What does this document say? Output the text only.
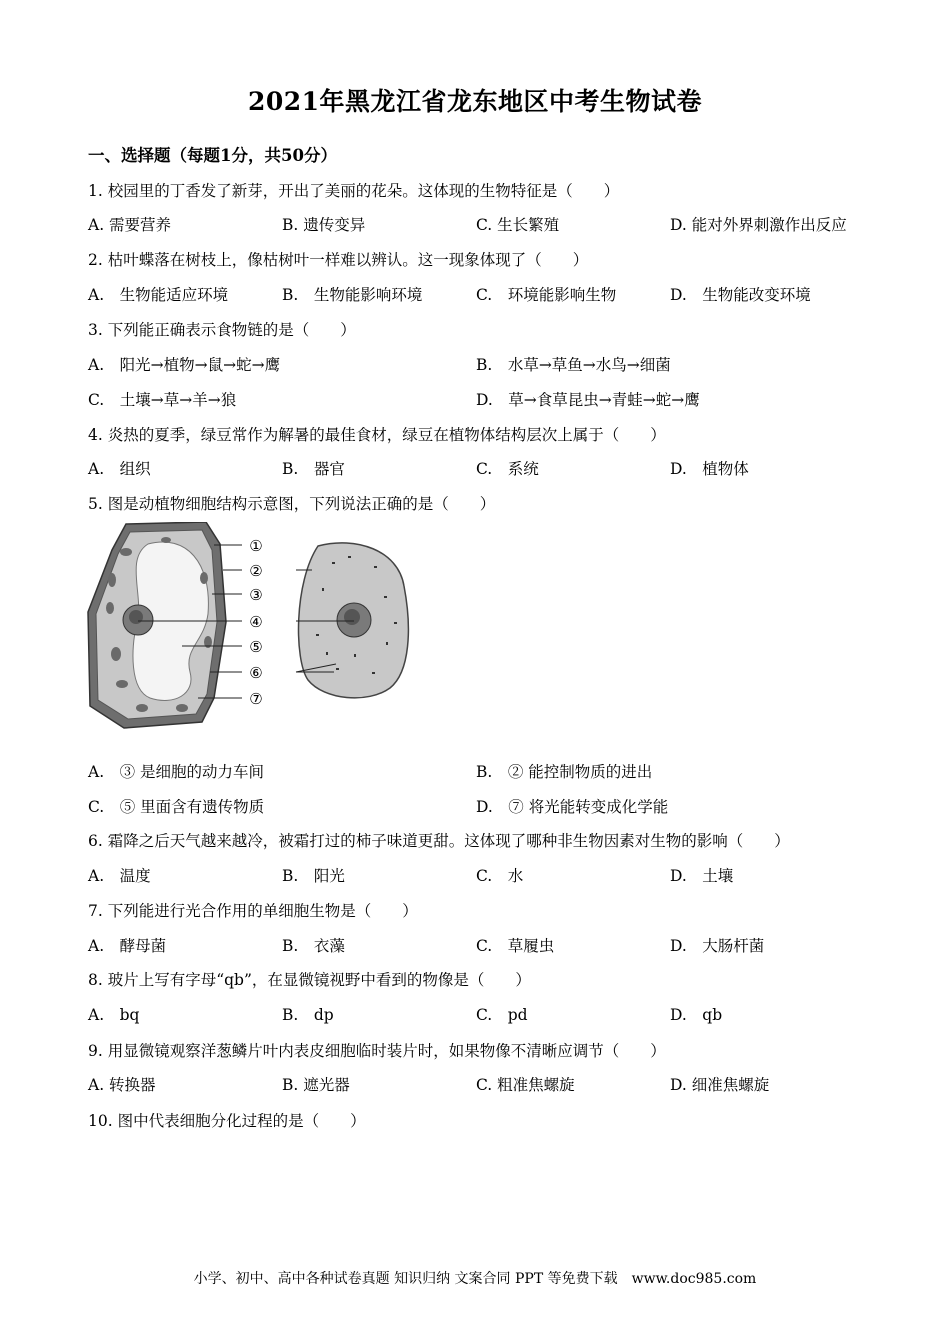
2021年黑龙江省龙东地区中考生物试卷
一、选择题（每题1分，共50分）
1. 校园里的丁香发了新芽，开出了美丽的花朵。这体现的生物特征是（　　）
A. 需要营养	B. 遗传变异	C. 生长繁殖	D. 能对外界刺激作出反应
2. 枯叶蝶落在树枝上，像枯树叶一样难以辨认。这一现象体现了（　　）
A.　生物能适应环境	B.　生物能影响环境	C.　环境能影响生物	D.　生物能改变环境
3. 下列能正确表示食物链的是（　　）
A.　阳光→植物→鼠→蛇→鹰	B.　水草→草鱼→水鸟→细菌
C.　土壤→草→羊→狼	D.　草→食草昆虫→青蛙→蛇→鹰
4. 炎热的夏季，绿豆常作为解暑的最佳食材，绿豆在植物体结构层次上属于（　　）
A.　组织	B.　器官	C.　系统	D.　植物体
5. 图是动植物细胞结构示意图，下列说法正确的是（　　）
①
②
③
④
⑤
⑥
⑦
A.　③ 是细胞的动力车间	B.　② 能控制物质的进出
C.　⑤ 里面含有遗传物质	D.　⑦ 将光能转变成化学能
6. 霜降之后天气越来越冷，被霜打过的柿子味道更甜。这体现了哪种非生物因素对生物的影响（　　）
A.　温度	B.　阳光	C.　水	D.　土壤
7. 下列能进行光合作用的单细胞生物是（　　）
A.　酵母菌	B.　衣藻	C.　草履虫	D.　大肠杆菌
8. 玻片上写有字母“qb”，在显微镜视野中看到的物像是（　　）
A.　bq	B.　dp	C.　pd	D.　qb
9. 用显微镜观察洋葱鳞片叶内表皮细胞临时装片时，如果物像不清晰应调节（　　）
A. 转换器	B. 遮光器	C. 粗准焦螺旋	D. 细准焦螺旋
10. 图中代表细胞分化过程的是（　　）
小学、初中、高中各种试卷真题 知识归纳 文案合同 PPT 等免费下载　www.doc985.com
